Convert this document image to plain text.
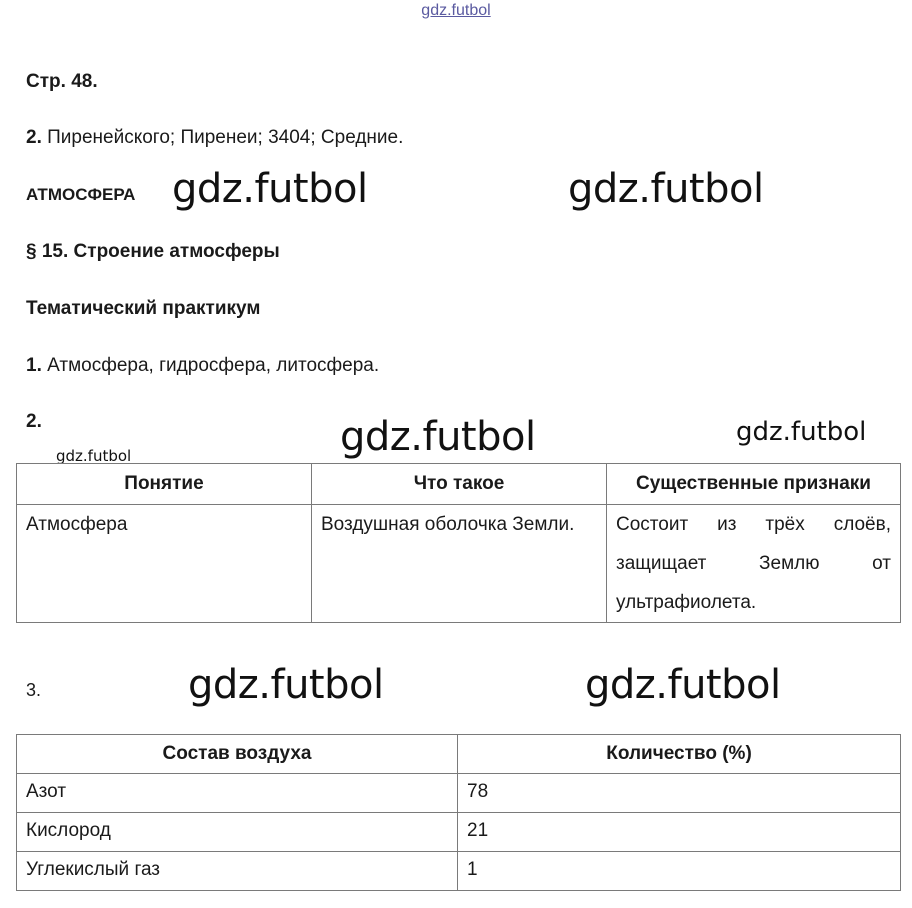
gdz.futbol
Стр. 48.
2. Пиренейского; Пиренеи; 3404; Средние.
АТМОСФЕРА gdz.futbol	gdz.futbol
§ 15. Строение атмосферы
Тематический практикум
1. Атмосфера, гидросфера, литосфера.
2.	gdz.futbol	gdz.futbol
gdz.futbol
Понятие	Что такое	Существенные признаки
Атмосфера	Воздушная оболочка Земли.	Состоит из трёх слоёв, защищает Землю от ультрафиолета.
3.	gdz.futbol	gdz.futbol
Состав воздуха	Количество (%)
Азот	78
Кислород	21
Углекислый газ	1
